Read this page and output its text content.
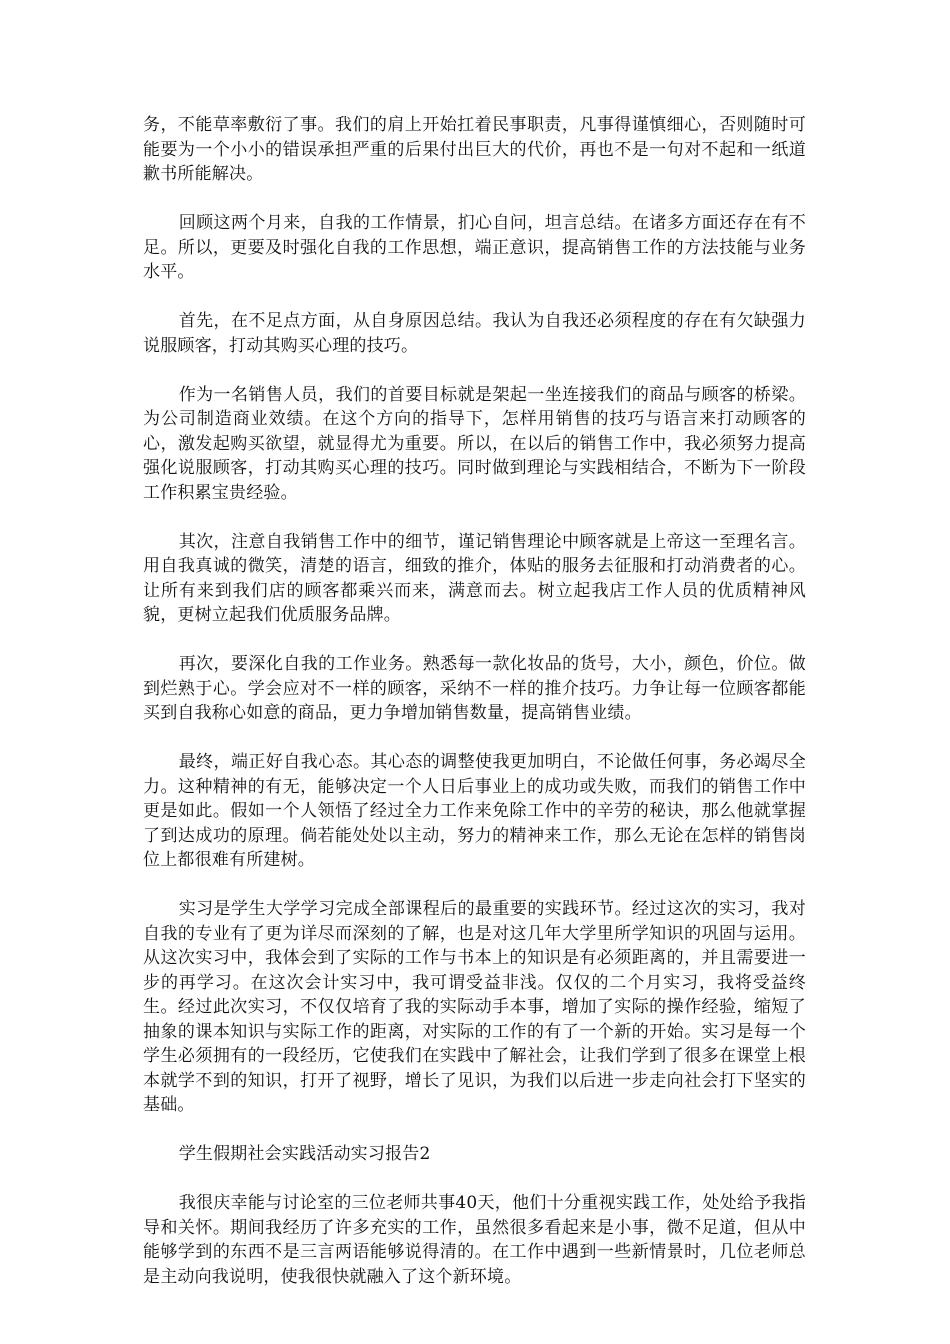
务，不能草率敷衍了事。我们的肩上开始扛着民事职责，凡事得谨慎细心，否则随时可能要为一个小小的错误承担严重的后果付出巨大的代价，再也不是一句对不起和一纸道歉书所能解决。

回顾这两个月来，自我的工作情景，扪心自问，坦言总结。在诸多方面还存在有不足。所以，更要及时强化自我的工作思想，端正意识，提高销售工作的方法技能与业务水平。

首先，在不足点方面，从自身原因总结。我认为自我还必须程度的存在有欠缺强力说服顾客，打动其购买心理的技巧。

作为一名销售人员，我们的首要目标就是架起一坐连接我们的商品与顾客的桥梁。为公司制造商业效绩。在这个方向的指导下，怎样用销售的技巧与语言来打动顾客的心，激发起购买欲望，就显得尤为重要。所以，在以后的销售工作中，我必须努力提高强化说服顾客，打动其购买心理的技巧。同时做到理论与实践相结合，不断为下一阶段工作积累宝贵经验。

其次，注意自我销售工作中的细节，谨记销售理论中顾客就是上帝这一至理名言。用自我真诚的微笑，清楚的语言，细致的推介，体贴的服务去征服和打动消费者的心。让所有来到我们店的顾客都乘兴而来，满意而去。树立起我店工作人员的优质精神风貌，更树立起我们优质服务品牌。

再次，要深化自我的工作业务。熟悉每一款化妆品的货号，大小，颜色，价位。做到烂熟于心。学会应对不一样的顾客，采纳不一样的推介技巧。力争让每一位顾客都能买到自我称心如意的商品，更力争增加销售数量，提高销售业绩。

最终，端正好自我心态。其心态的调整使我更加明白，不论做任何事，务必竭尽全力。这种精神的有无，能够决定一个人日后事业上的成功或失败，而我们的销售工作中更是如此。假如一个人领悟了经过全力工作来免除工作中的辛劳的秘诀，那么他就掌握了到达成功的原理。倘若能处处以主动，努力的精神来工作，那么无论在怎样的销售岗位上都很难有所建树。

实习是学生大学学习完成全部课程后的最重要的实践环节。经过这次的实习，我对自我的专业有了更为详尽而深刻的了解，也是对这几年大学里所学知识的巩固与运用。从这次实习中，我体会到了实际的工作与书本上的知识是有必须距离的，并且需要进一步的再学习。在这次会计实习中，我可谓受益非浅。仅仅的二个月实习，我将受益终生。经过此次实习，不仅仅培育了我的实际动手本事，增加了实际的操作经验，缩短了抽象的课本知识与实际工作的距离，对实际的工作的有了一个新的开始。实习是每一个学生必须拥有的一段经历，它使我们在实践中了解社会，让我们学到了很多在课堂上根本就学不到的知识，打开了视野，增长了见识，为我们以后进一步走向社会打下坚实的基础。

学生假期社会实践活动实习报告2

我很庆幸能与讨论室的三位老师共事40天，他们十分重视实践工作，处处给予我指导和关怀。期间我经历了许多充实的工作，虽然很多看起来是小事，微不足道，但从中能够学到的东西不是三言两语能够说得清的。在工作中遇到一些新情景时，几位老师总是主动向我说明，使我很快就融入了这个新环境。
